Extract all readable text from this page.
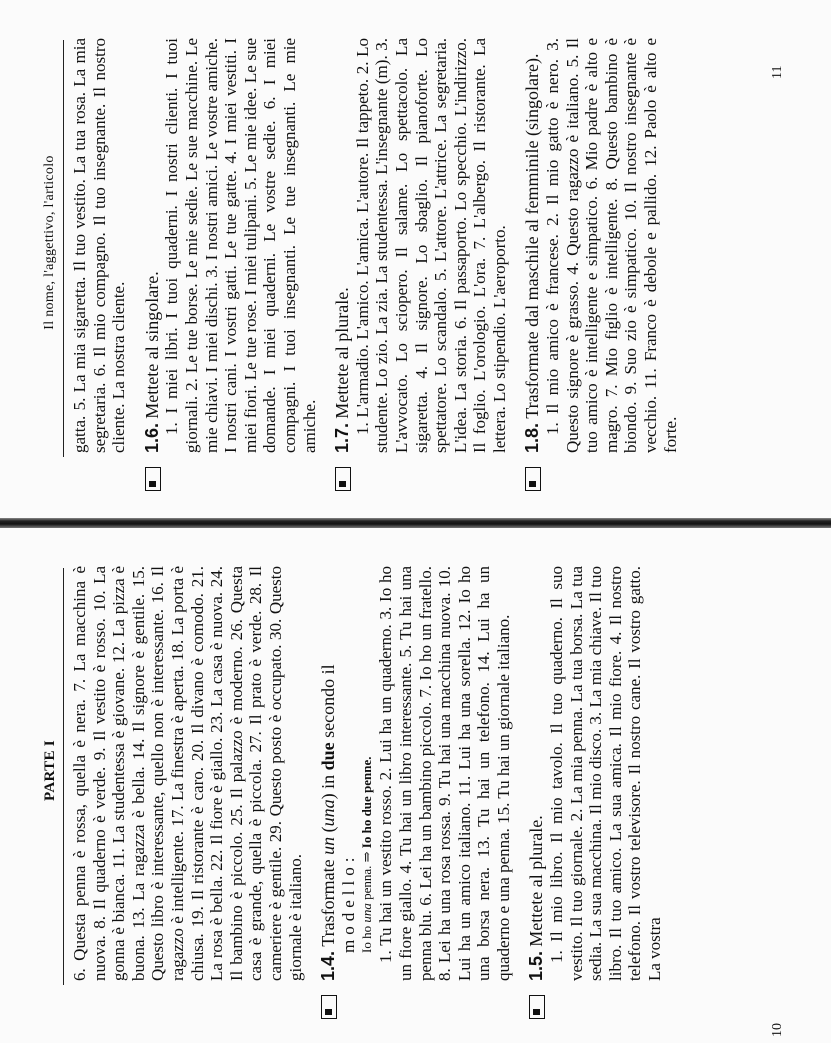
PARTE I 6. Questa penna è rossa, quella è nera. 7. La macchina è nuova. 8. Il quaderno è verde. 9. Il vestito è rosso. 10. La gonna è bianca. 11. La studentessa è giovane. 12. La pizza è buona. 13. La ragazza è bella. 14. Il signore è gentile. 15. Questo libro è interessante, quello non è interessante. 16. Il ragazzo è intelligente. 17. La finestra è aperta. 18. La porta è chiusa. 19. Il ristorante è caro. 20. Il divano è comodo. 21. La rosa è bella. 22. Il fiore è giallo. 23. La casa è nuova. 24. Il bambino è piccolo. 25. Il palazzo è moderno. 26. Questa casa è grande, quella è piccola. 27. Il prato è verde. 28. Il cameriere è gentile. 29. Questo posto è occupato. 30. Questo giornale è italiano. 1.4. Trasformate un (una) in due secondo il
modello: Io ho una penna. ⇒ Io ho due penne. 1. Tu hai un vestito rosso. 2. Lui ha un quaderno. 3. Io ho un fiore giallo. 4. Tu hai un libro interessante. 5. Tu hai una penna blu. 6. Lei ha un bambino piccolo. 7. Io ho un fratello. 8. Lei ha una rosa rossa. 9. Tu hai una macchina nuova. 10. Lui ha un amico italiano. 11. Lui ha una sorella. 12. Io ho una borsa nera. 13. Tu hai un telefono. 14. Lui ha un quaderno e una penna. 15. Tu hai un giornale italiano. 1.5. Mettete al plurale. 1. Il mio libro. Il mio tavolo. Il tuo quaderno. Il suo vestito. Il tuo giornale. 2. La mia penna. La tua borsa. La tua sedia. La sua macchina. Il mio disco. 3. La mia chiave. Il tuo libro. Il tuo amico. La sua amica. Il mio fiore. 4. Il nostro telefono. Il vostro televisore. Il nostro cane. Il vostro gatto. La vostra

10
Il nome, l'aggettivo, l'articolo gatta. 5. La mia sigaretta. Il tuo vestito. La tua rosa. La mia segretaria. 6. Il mio compagno. Il tuo insegnante. Il nostro cliente. La nostra cliente. 1.6. Mettete al singolare. 1. I miei libri. I tuoi quaderni. I nostri clienti. I tuoi giornali. 2. Le tue borse. Le mie sedie. Le sue macchine. Le mie chiavi. I miei dischi. 3. I nostri amici. Le vostre amiche. I nostri cani. I vostri gatti. Le tue gatte. 4. I miei vestiti. I miei fiori. Le tue rose. I miei tulipani. 5. Le mie idee. Le sue domande. I miei quaderni. Le vostre sedie. 6. I miei compagni. I tuoi insegnanti. Le tue insegnanti. Le mie amiche. 1.7. Mettete al plurale. 1. L'armadio. L'amico. L'amica. L'autore. Il tappeto. 2. Lo studente. Lo zio. La zia. La studentessa. L'insegnante (m). 3. L'avvocato. Lo sciopero. Il salame. Lo spettacolo. La sigaretta. 4. Il signore. Lo sbaglio. Il pianoforte. Lo spettatore. Lo scandalo. 5. L'attore. L'attrice. La segretaria. L'idea. La storia. 6. Il passaporto. Lo specchio. L'indirizzo. Il foglio. L'orologio. L'ora. 7. L'albergo. Il ristorante. La lettera. Lo stipendio. L'aeroporto. 1.8. Trasformate dal maschile al femminile (singolare). 1. Il mio amico è francese. 2. Il mio gatto è nero. 3. Questo signore è grasso. 4. Questo ragazzo è italiano. 5. Il tuo amico è intelligente e simpatico. 6. Mio padre è alto e magro. 7. Mio figlio è intelligente. 8. Questo bambino è biondo. 9. Suo zio è simpatico. 10. Il nostro insegnante è vecchio. 11. Franco è debole e pallido. 12. Paolo è alto e forte.

11
